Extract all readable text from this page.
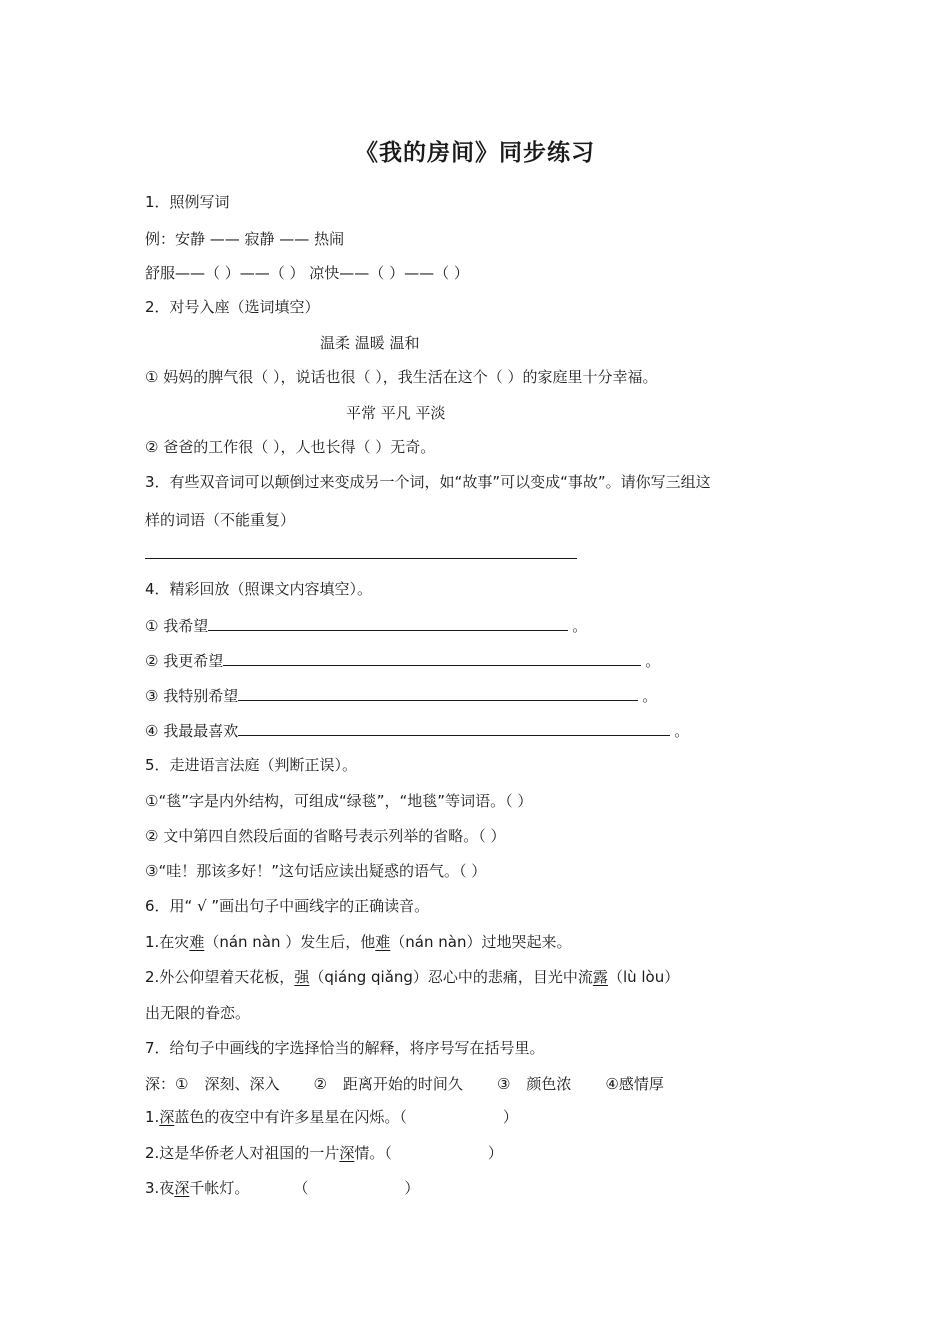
《我的房间》同步练习
1．照例写词
例：安静 —— 寂静 —— 热闹
舒服——（ ）——（ ） 凉快——（ ）——（ ）
2．对号入座（选词填空）
温柔 温暖 温和
① 妈妈的脾气很（ ），说话也很（ ），我生活在这个（ ）的家庭里十分幸福。
平常 平凡 平淡
② 爸爸的工作很（ ），人也长得（ ）无奇。
3．有些双音词可以颠倒过来变成另一个词，如“故事”可以变成“事故”。请你写三组这
样的词语（不能重复）
4．精彩回放（照课文内容填空）。
① 我希望	。
② 我更希望	。
③ 我特别希望	。
④ 我最最喜欢	。
5．走进语言法庭（判断正误）。
①“毯”字是内外结构，可组成“绿毯”，“地毯”等词语。（ ）
② 文中第四自然段后面的省略号表示列举的省略。（ ）
③“哇！那该多好！”这句话应读出疑惑的语气。（ ）
6．用“ √ ”画出句子中画线字的正确读音。
1.在灾难（nán nàn ）发生后，他难（nán nàn）过地哭起来。
2.外公仰望着天花板，强（qiáng qiǎng）忍心中的悲痛，目光中流露（lù lòu）
出无限的眷恋。
7．给句子中画线的字选择恰当的解释，将序号写在括号里。
深：① 深刻、深入 ② 距离开始的时间久 ③ 颜色浓 ④感情厚
1.深蓝色的夜空中有许多星星在闪烁。（	）
2.这是华侨老人对祖国的一片深情。（	）
3.夜深千帐灯。	（	）
